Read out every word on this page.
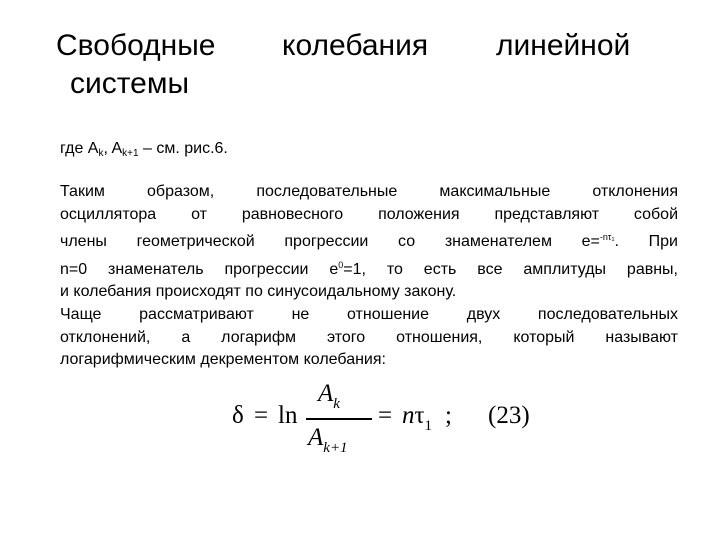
Свободные колебания линейной
системы
где $A_k$, $A_{k+1}$ – см. рис.6.
Таким образом, последовательные максимальные отклонения
осциллятора от равновесного положения представляют собой
члены геометрической прогрессии со знаменателем e=$^{-n\tau_1}$. При
n=0 знаменатель прогрессии $e^0=1$, то есть все амплитуды равны,
и колебания происходят по синусоидальному закону.
Чаще рассматривают не отношение двух последовательных
отклонений, а логарифм этого отношения, который называют
логарифмическим декрементом колебания:
δ = ln
$A_k$
$A_{k+1}$
= $n\tau_1$ ; (23)
